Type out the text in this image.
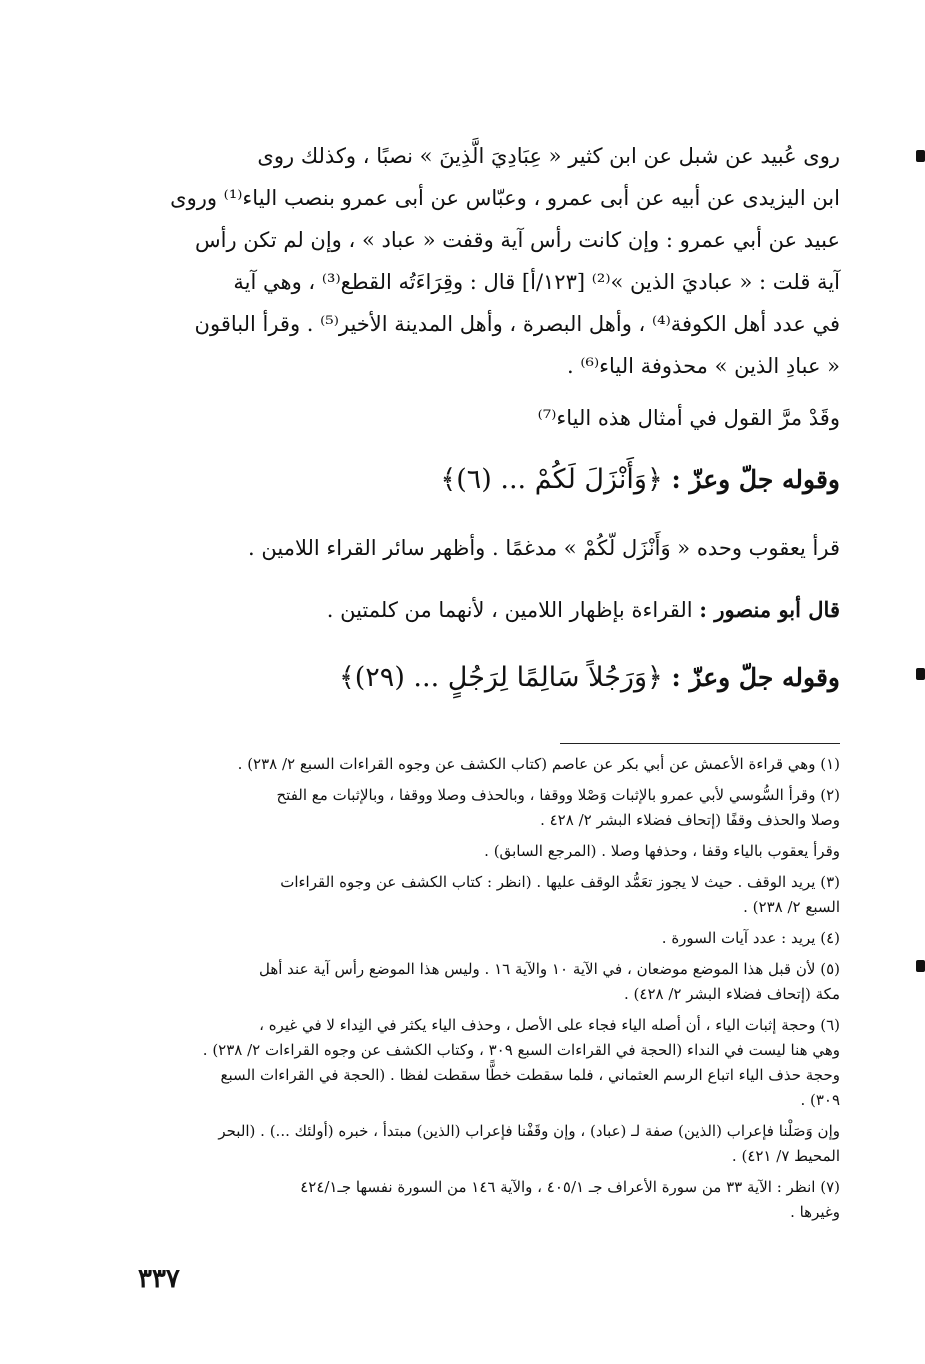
روى عُبيد عن شبل عن ابن كثير « عِبَادِيَ الَّذِينَ » نصبًا ، وكذلك روى
ابن اليزيدى عن أبيه عن أبى عمرو ، وعبّاس عن أبى عمرو بنصب الياء⁽¹⁾ وروى
عبيد عن أبي عمرو : وإن كانت رأس آية وقفت « عباد » ، وإن لم تكن رأس
آية قلت : « عباديَ الذين »⁽²⁾ [١٢٣/أ] قال : وقِرَاءَتُه القطع⁽³⁾ ، وهي آية
في عدد أهل الكوفة⁽⁴⁾ ، وأهل البصرة ، وأهل المدينة الأخير⁽⁵⁾ . وقرأ الباقون
« عبادِ الذين » محذوفة الياء⁽⁶⁾ .
وقَدْ مرَّ القول في أمثال هذه الياء⁽⁷⁾
وقوله جلّ وعزّ : ﴿وَأَنْزَلَ لَكُمْ ... (٦)﴾
قرأ يعقوب وحده « وَأَنْزَل لّكُمْ » مدغمًا . وأظهر سائر القراء اللامين .
قال أبو منصور : القراءة بإظهار اللامين ، لأنهما من كلمتين .
وقوله جلّ وعزّ : ﴿وَرَجُلاً سَالِمًا لِرَجُلٍ ... (٢٩)﴾
(١) وهي قراءة الأعمش عن أبي بكر عن عاصم (كتاب الكشف عن وجوه القراءات السبع ٢/ ٢٣٨) .
(٢) وقرأ السُّوسي لأبي عمرو بالإثبات وَصْلا ووقفا ، وبالحذف وصلا ووقفا ، وبالإثبات مع الفتح
وصلا والحذف وقفًا (إتحاف فضلاء البشر ٢/ ٤٢٨ .
وقرأ يعقوب بالياء وقفا ، وحذفها وصلا . (المرجع السابق) .
(٣) يريد الوقف . حيث لا يجوز تعَمُّد الوقف عليها . (انظر : كتاب الكشف عن وجوه القراءات
السبع ٢/ ٢٣٨) .
(٤) يريد : عدد آيات السورة .
(٥) لأن قبل هذا الموضع موضعان ، في الآية ١٠ والآية ١٦ . وليس هذا الموضع رأس آية عند أهل
مكة (إتحاف فضلاء البشر ٢/ ٤٢٨) .
(٦) وحجة إثبات الياء ، أن أصله الياء فجاء على الأصل ، وحذف الياء يكثر في النِداء لا في غيره ،
وهي هنا ليست في النداء (الحجة في القراءات السبع ٣٠٩ ، وكتاب الكشف عن وجوه القراءات ٢/ ٢٣٨) .
وحجة حذف الياء اتباع الرسم العثماني ، فلما سقطت خطًّا سقطت لفظا . (الحجة في القراءات السبع
٣٠٩) .
وإن وَصَلْنا فإعراب (الذين) صفة لـ (عباد) ، وإن وقَفْنا فإعراب (الذين) مبتدأ ، خبره (أولئك ...) . (البحر
المحيط ٧/ ٤٢١) .
(٧) انظر : الآية ٣٣ من سورة الأعراف جـ ٤٠٥/١ ، والآية ١٤٦ من السورة نفسها جـ٤٢٤/١
وغيرها .
٣٣٧
